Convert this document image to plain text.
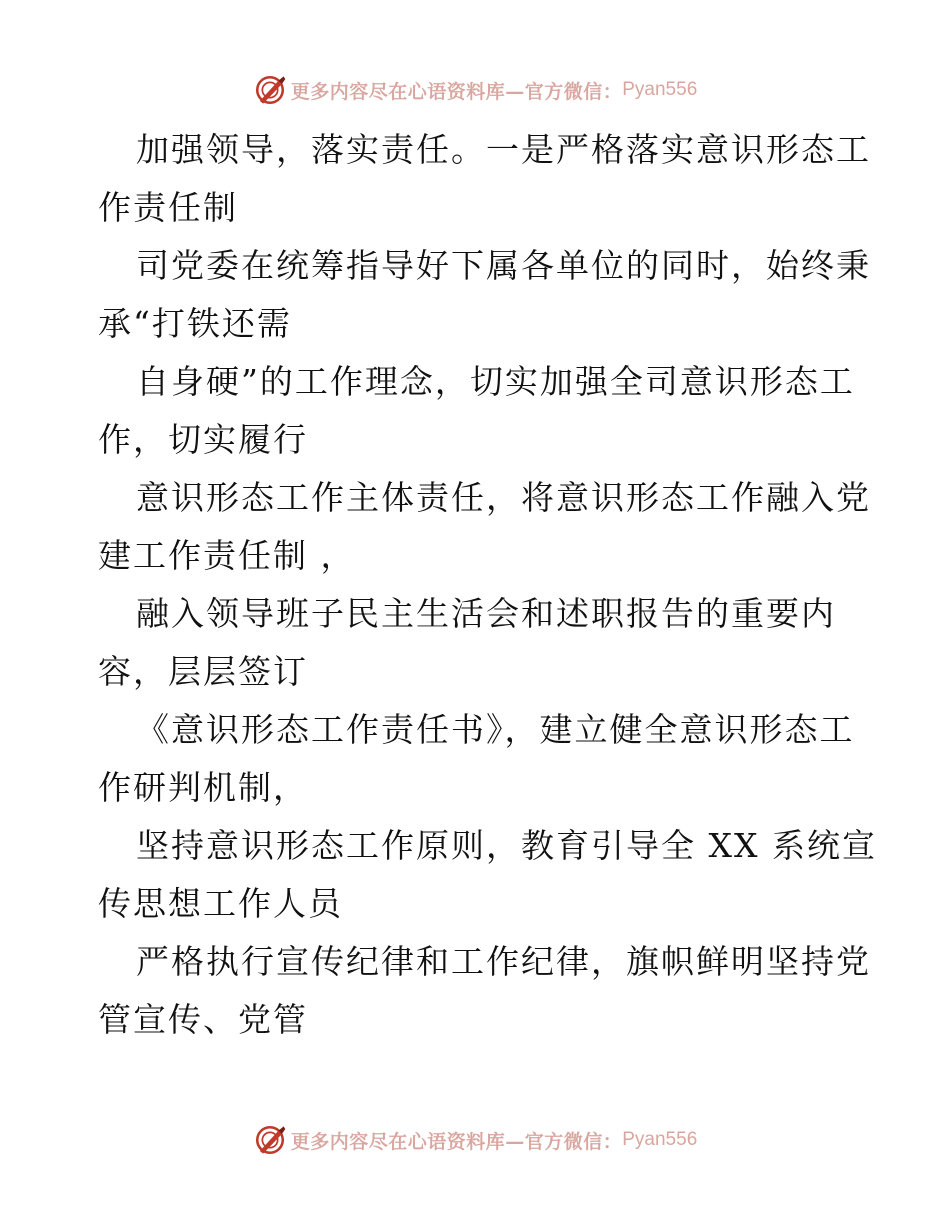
更多内容尽在心语资料库—官方微信： Pyan556

加强领导，落实责任。一是严格落实意识形态工
作责任制

司党委在统筹指导好下属各单位的同时，始终秉
承“打铁还需

自身硬”的工作理念，切实加强全司意识形态工
作，切实履行

意识形态工作主体责任，将意识形态工作融入党
建工作责任制 ，

融入领导班子民主生活会和述职报告的重要内
容，层层签订

《意识形态工作责任书》，建立健全意识形态工
作研判机制，

坚持意识形态工作原则，教育引导全 XX 系统宣
传思想工作人员

严格执行宣传纪律和工作纪律，旗帜鲜明坚持党
管宣传、党管

更多内容尽在心语资料库—官方微信： Pyan556
